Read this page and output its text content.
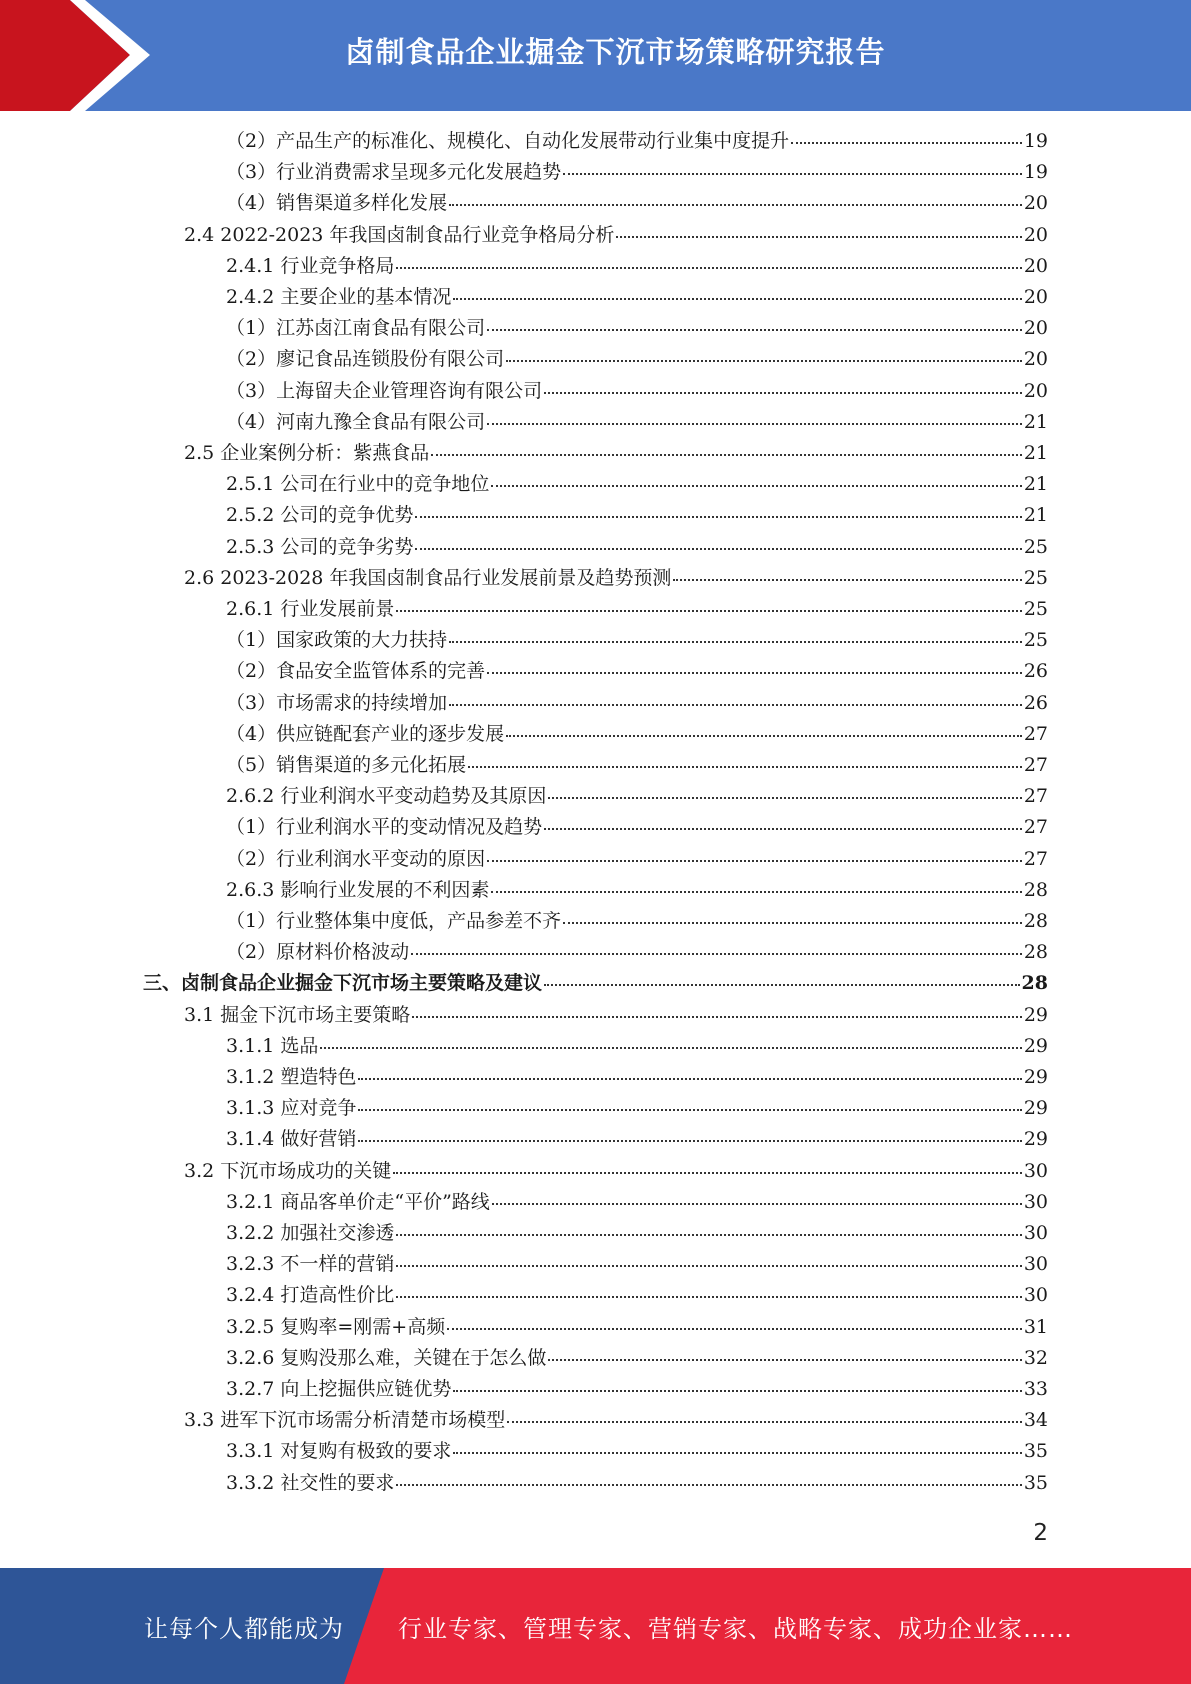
卤制食品企业掘金下沉市场策略研究报告
（2）产品生产的标准化、规模化、自动化发展带动行业集中度提升	19
（3）行业消费需求呈现多元化发展趋势	19
（4）销售渠道多样化发展	20
2.4 2022-2023 年我国卤制食品行业竞争格局分析	20
2.4.1 行业竞争格局	20
2.4.2 主要企业的基本情况	20
（1）江苏卤江南食品有限公司	20
（2）廖记食品连锁股份有限公司	20
（3）上海留夫企业管理咨询有限公司	20
（4）河南九豫全食品有限公司	21
2.5 企业案例分析：紫燕食品	21
2.5.1 公司在行业中的竞争地位	21
2.5.2 公司的竞争优势	21
2.5.3 公司的竞争劣势	25
2.6 2023-2028 年我国卤制食品行业发展前景及趋势预测	25
2.6.1 行业发展前景	25
（1）国家政策的大力扶持	25
（2）食品安全监管体系的完善	26
（3）市场需求的持续增加	26
（4）供应链配套产业的逐步发展	27
（5）销售渠道的多元化拓展	27
2.6.2 行业利润水平变动趋势及其原因	27
（1）行业利润水平的变动情况及趋势	27
（2）行业利润水平变动的原因	27
2.6.3 影响行业发展的不利因素	28
（1）行业整体集中度低，产品参差不齐	28
（2）原材料价格波动	28
三、卤制食品企业掘金下沉市场主要策略及建议	28
3.1 掘金下沉市场主要策略	29
3.1.1 选品	29
3.1.2 塑造特色	29
3.1.3 应对竞争	29
3.1.4 做好营销	29
3.2 下沉市场成功的关键	30
3.2.1 商品客单价走“平价”路线	30
3.2.2 加强社交渗透	30
3.2.3 不一样的营销	30
3.2.4 打造高性价比	30
3.2.5 复购率=刚需+高频	31
3.2.6 复购没那么难，关键在于怎么做	32
3.2.7 向上挖掘供应链优势	33
3.3 进军下沉市场需分析清楚市场模型	34
3.3.1 对复购有极致的要求	35
3.3.2 社交性的要求	35
2
让每个人都能成为 行业专家、管理专家、营销专家、战略专家、成功企业家……
